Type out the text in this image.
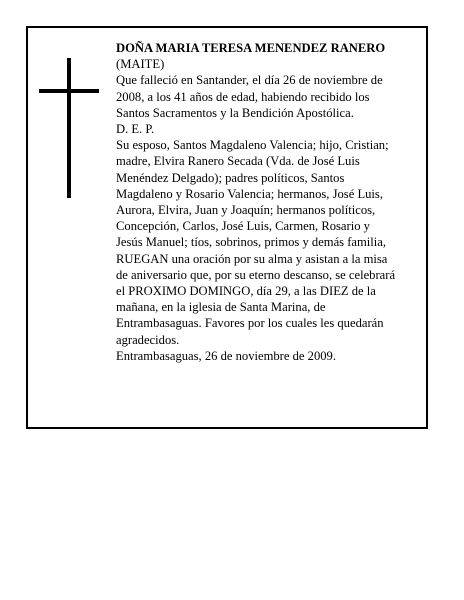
DOÑA MARIA TERESA MENENDEZ RANERO
(MAITE)
Que falleció en Santander, el día 26 de noviembre de
2008, a los 41 años de edad, habiendo recibido los
Santos Sacramentos y la Bendición Apostólica.
D. E. P.
Su esposo, Santos Magdaleno Valencia; hijo, Cristian;
madre, Elvira Ranero Secada (Vda. de José Luis
Menéndez Delgado); padres políticos, Santos
Magdaleno y Rosario Valencia; hermanos, José Luis,
Aurora, Elvira, Juan y Joaquín; hermanos políticos,
Concepción, Carlos, José Luis, Carmen, Rosario y
Jesús Manuel; tíos, sobrinos, primos y demás familia,
RUEGAN una oración por su alma y asistan a la misa
de aniversario que, por su eterno descanso, se celebrará
el PROXIMO DOMINGO, día 29, a las DIEZ de la
mañana, en la iglesia de Santa Marina, de
Entrambasaguas. Favores por los cuales les quedarán
agradecidos.
Entrambasaguas, 26 de noviembre de 2009.
